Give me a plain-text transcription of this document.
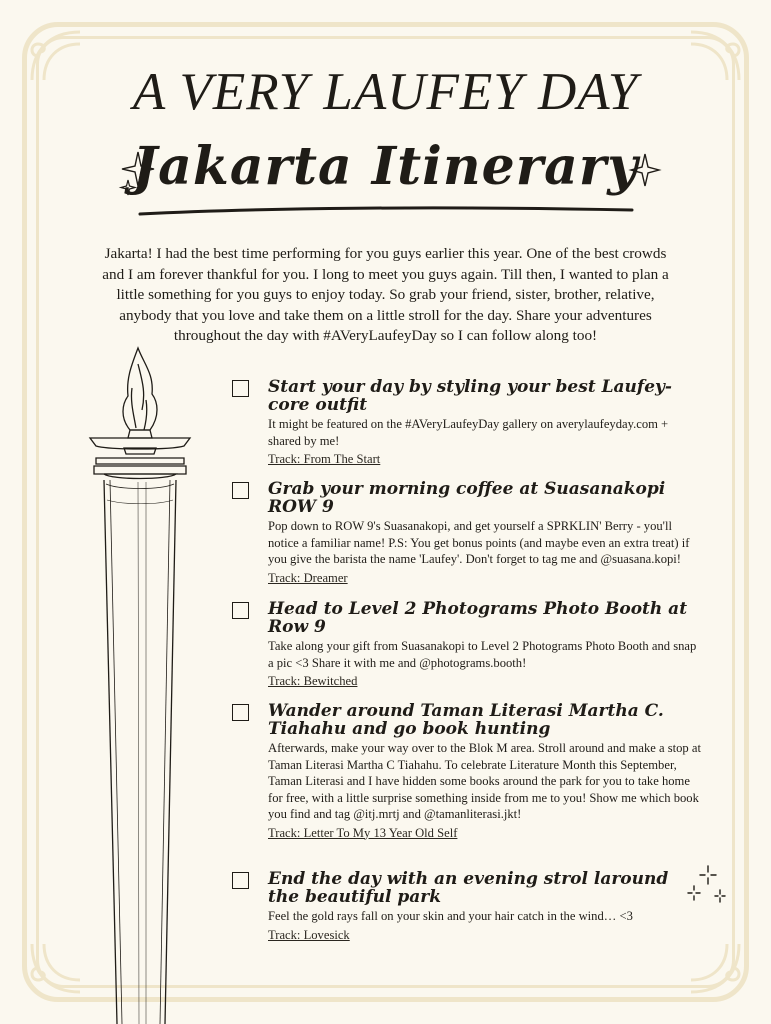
A VERY LAUFEY DAY
Jakarta Itinerary

Jakarta! I had the best time performing for you guys earlier this year. One of the best crowds and I am forever thankful for you. I long to meet you guys again. Till then, I wanted to plan a little something for you guys to enjoy today. So grab your friend, sister, brother, relative, anybody that you love and take them on a little stroll for the day. Share your adventures throughout the day with #AVeryLaufeyDay so I can follow along too!

Start your day by styling your best Laufey-core outfit

It might be featured on the #AVeryLaufeyDay gallery on averylaufeyday.com + shared by me!

Track: From The Start

Grab your morning coffee at Suasanakopi ROW 9

Pop down to ROW 9's Suasanakopi, and get yourself a SPRKLIN' Berry - you'll notice a familiar name! P.S: You get bonus points (and maybe even an extra treat) if you give the barista the name 'Laufey'. Don't forget to tag me and @suasana.kopi!

Track: Dreamer

Head to Level 2 Photograms Photo Booth at Row 9

Take along your gift from Suasanakopi to Level 2 Photograms Photo Booth and snap a pic <3 Share it with me and @photograms.booth!

Track: Bewitched

Wander around Taman Literasi Martha C. Tiahahu and go book hunting

Afterwards, make your way over to the Blok M area. Stroll around and make a stop at Taman Literasi Martha C Tiahahu. To celebrate Literature Month this September, Taman Literasi and I have hidden some books around the park for you to take home for free, with a little surprise something inside from me to you! Show me which book you find and tag @itj.mrtj and @tamanliterasi.jkt!

Track: Letter To My 13 Year Old Self

End the day with an evening strol laround the beautiful park

Feel the gold rays fall on your skin and your hair catch in the wind… <3

Track: Lovesick
